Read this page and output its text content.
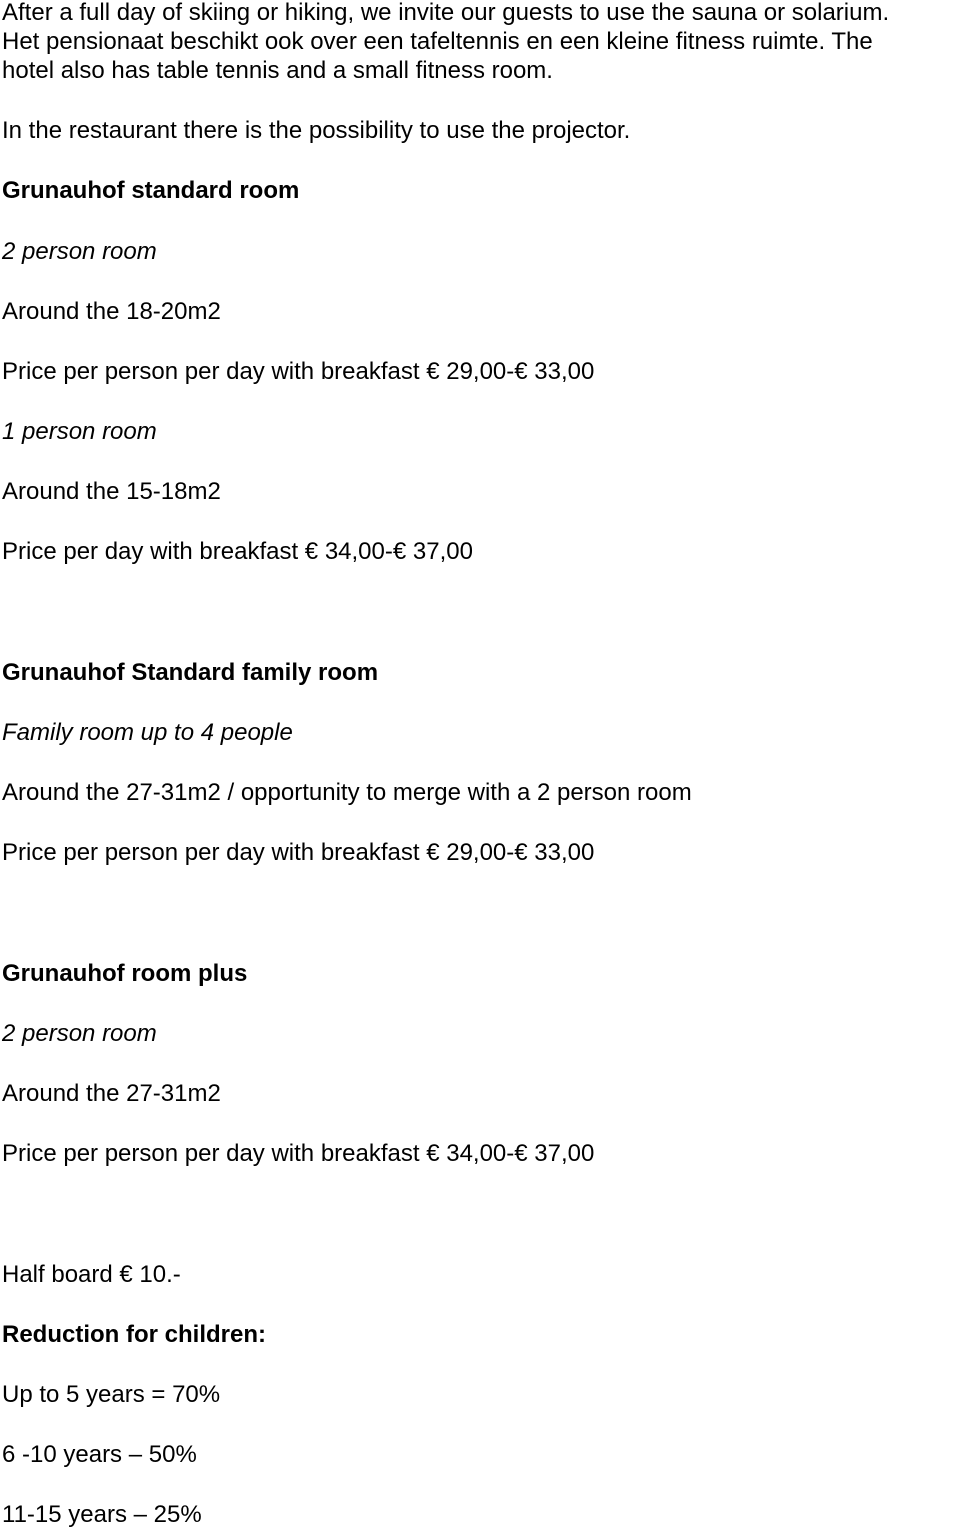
After a full day of skiing or hiking, we invite our guests to use the sauna or solarium.
Het pensionaat beschikt ook over een tafeltennis en een kleine fitness ruimte. The
hotel also has table tennis and a small fitness room.
In the restaurant there is the possibility to use the projector.
Grunauhof standard room
2 person room
Around the 18-20m2
Price per person per day with breakfast € 29,00-€ 33,00
1 person room
Around the 15-18m2
Price per day with breakfast € 34,00-€ 37,00
Grunauhof Standard family room
Family room up to 4 people
Around the 27-31m2 / opportunity to merge with a 2 person room
Price per person per day with breakfast € 29,00-€ 33,00
Grunauhof room plus
2 person room
Around the 27-31m2
Price per person per day with breakfast € 34,00-€ 37,00
Half board € 10.-
Reduction for children:
Up to 5 years = 70%
6 -10 years – 50%
11-15 years – 25%
